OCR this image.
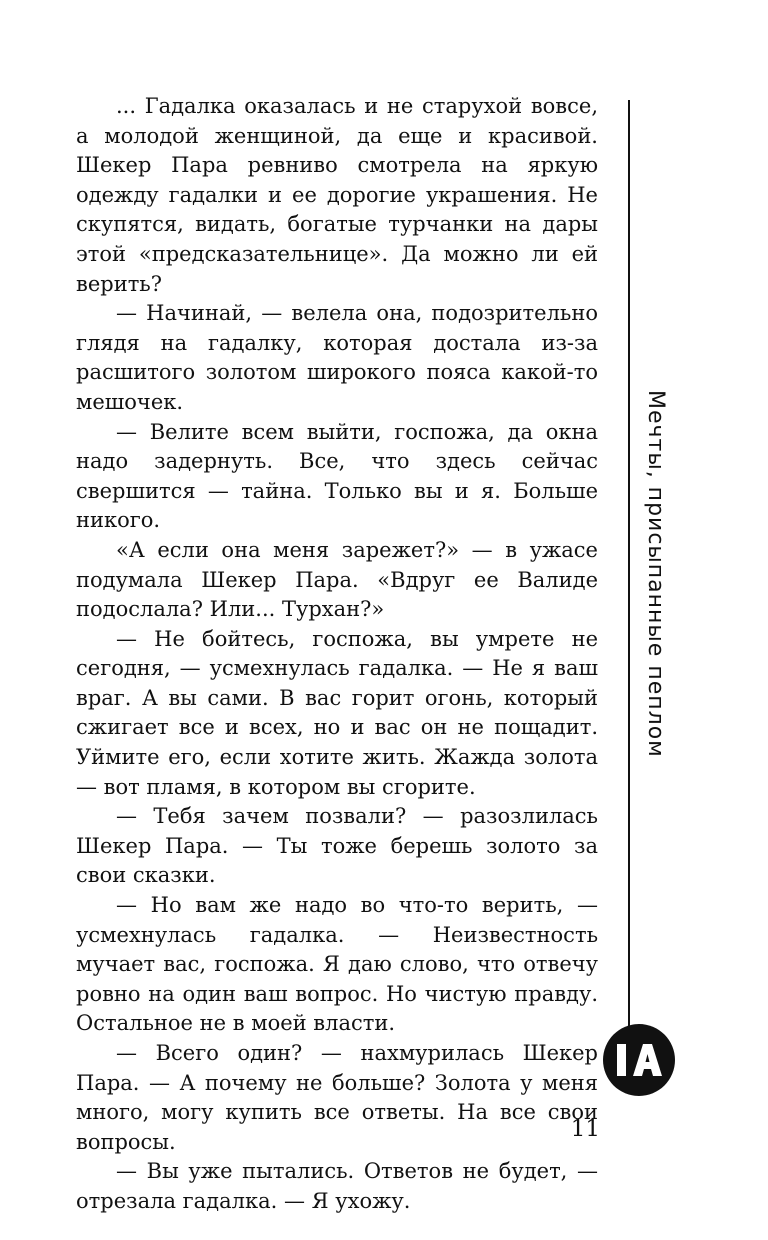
... Гадалка оказалась и не старухой вовсе, а молодой женщиной, да еще и красивой. Шекер Пара ревниво смотрела на яркую одежду гадалки и ее дорогие украшения. Не скупятся, видать, богатые турчанки на дары этой «предсказательнице». Да можно ли ей верить?

— Начинай, — велела она, подозрительно глядя на гадалку, которая достала из-за расшитого золотом широкого пояса какой-то мешочек.

— Велите всем выйти, госпожа, да окна надо задернуть. Все, что здесь сейчас свершится — тайна. Только вы и я. Больше никого.

«А если она меня зарежет?» — в ужасе подумала Шекер Пара. «Вдруг ее Валиде подослала? Или... Турхан?»

— Не бойтесь, госпожа, вы умрете не сегодня, — усмехнулась гадалка. — Не я ваш враг. А вы сами. В вас горит огонь, который сжигает все и всех, но и вас он не пощадит. Уймите его, если хотите жить. Жажда золота — вот пламя, в котором вы сгорите.

— Тебя зачем позвали? — разозлилась Шекер Пара. — Ты тоже берешь золото за свои сказки.

— Но вам же надо во что-то верить, — усмехнулась гадалка. — Неизвестность мучает вас, госпожа. Я даю слово, что отвечу ровно на один ваш вопрос. Но чистую правду. Остальное не в моей власти.

— Всего один? — нахмурилась Шекер Пара. — А почему не больше? Золота у меня много, могу купить все ответы. На все свои вопросы.

— Вы уже пытались. Ответов не будет, — отрезала гадалка. — Я ухожу.

Мечты, присыпанные пеплом
11
